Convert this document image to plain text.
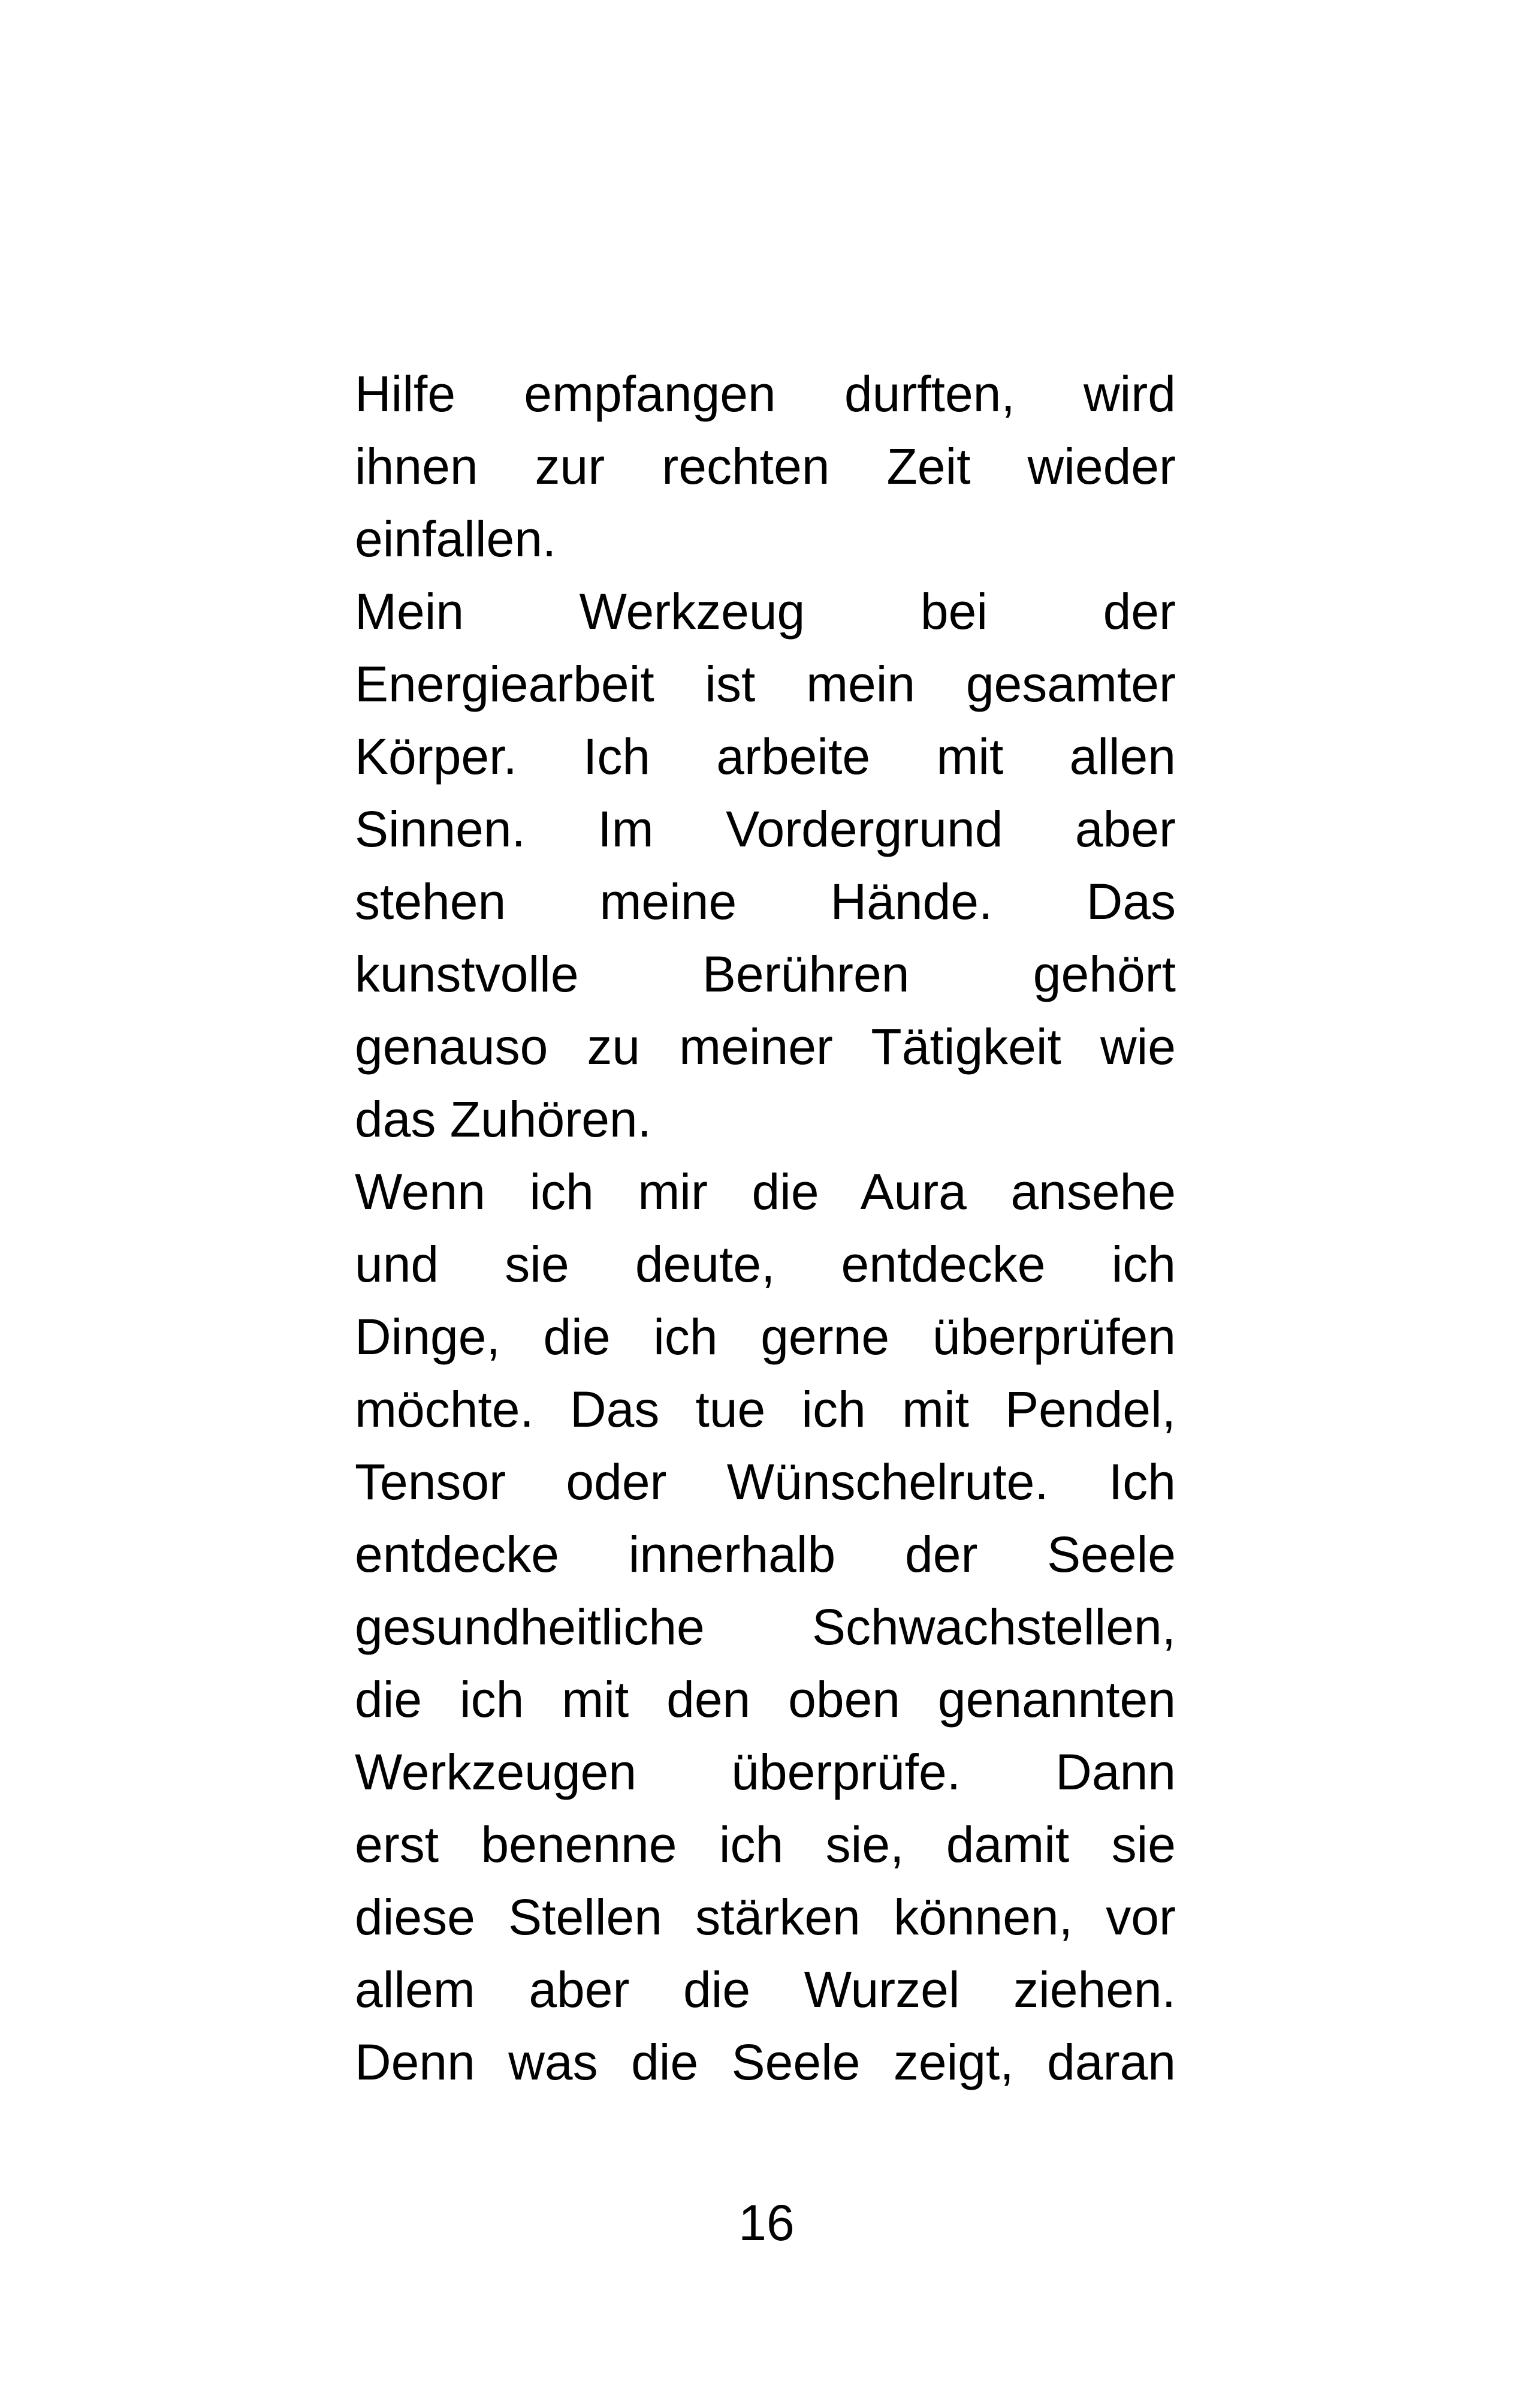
Hilfe empfangen durften, wird
ihnen zur rechten Zeit wieder
einfallen.
Mein Werkzeug bei der
Energiearbeit ist mein gesamter
Körper. Ich arbeite mit allen
Sinnen. Im Vordergrund aber
stehen meine Hände. Das
kunstvolle Berühren gehört
genauso zu meiner Tätigkeit wie
das Zuhören.
Wenn ich mir die Aura ansehe
und sie deute, entdecke ich
Dinge, die ich gerne überprüfen
möchte. Das tue ich mit Pendel,
Tensor oder Wünschelrute. Ich
entdecke innerhalb der Seele
gesundheitliche Schwachstellen,
die ich mit den oben genannten
Werkzeugen überprüfe. Dann
erst benenne ich sie, damit sie
diese Stellen stärken können, vor
allem aber die Wurzel ziehen.
Denn was die Seele zeigt, daran
16
